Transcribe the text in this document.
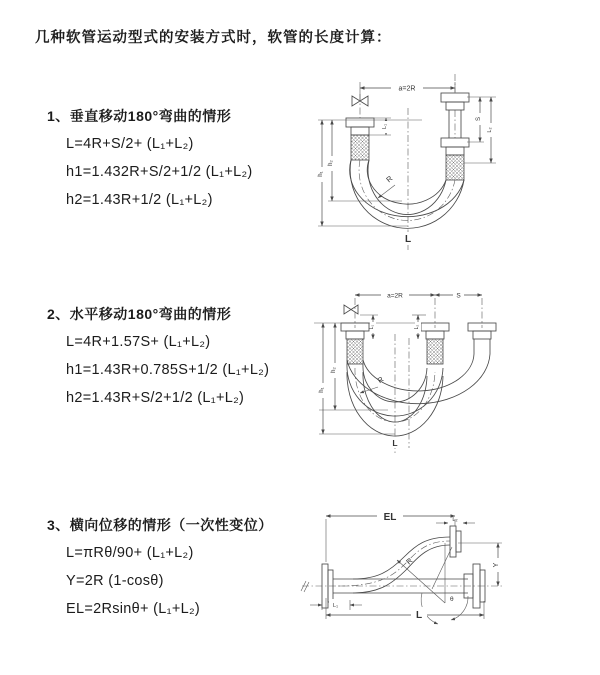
几种软管运动型式的安装方式时，软管的长度计算：
1、垂直移动180°弯曲的情形
L=4R+S/2+ (L₁+L₂)
h1=1.432R+S/2+1/2 (L₁+L₂)
h2=1.43R+1/2 (L₁+L₂)
a=2R
h₁
h₂
L₁
S
L₂
R
L
2、水平移动180°弯曲的情形
L=4R+1.57S+ (L₁+L₂)
h1=1.43R+0.785S+1/2 (L₁+L₂)
h2=1.43R+S/2+1/2 (L₁+L₂)
a=2R	S
h₁
h₂
L₁	L₂
R
L
3、横向位移的情形（一次性变位）
L=πRθ/90+ (L₁+L₂)
Y=2R (1-cosθ)
EL=2Rsinθ+ (L₁+L₂)
EL	L₂
Y
R
θ
L₁
L
